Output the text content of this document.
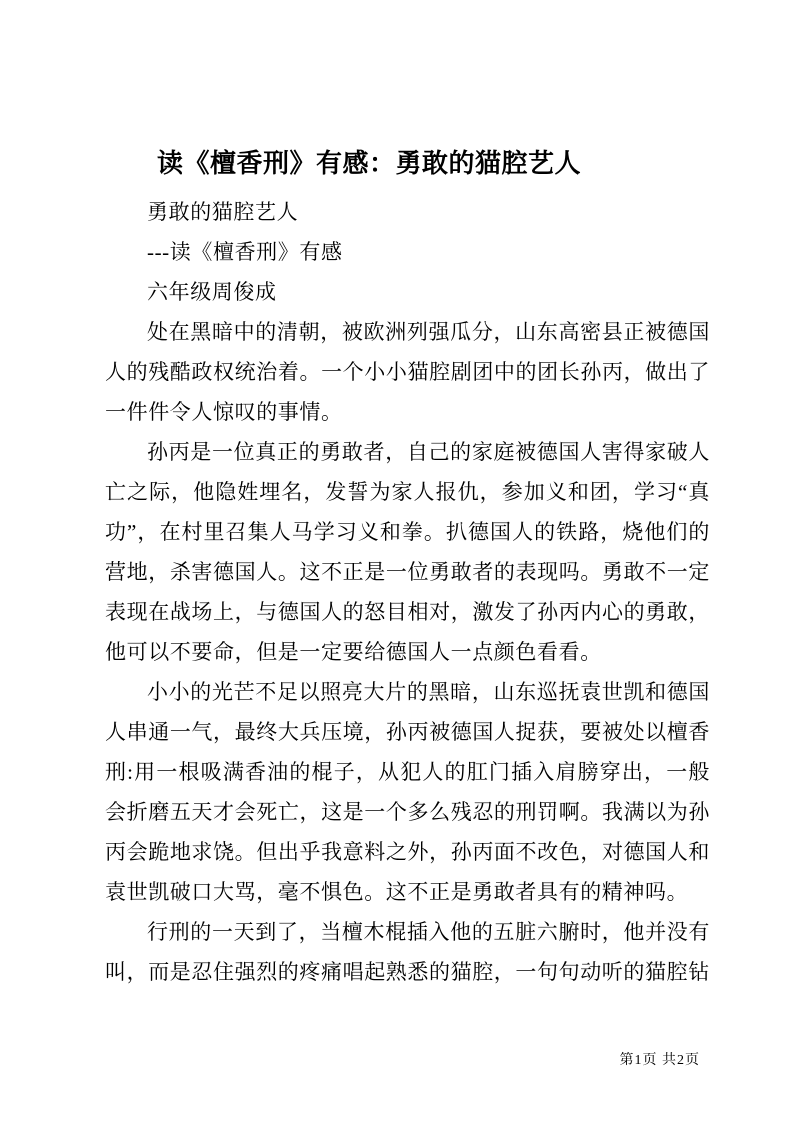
读《檀香刑》有感：勇敢的猫腔艺人

勇敢的猫腔艺人

---读《檀香刑》有感

六年级周俊成

处在黑暗中的清朝，被欧洲列强瓜分，山东高密县正被德国人的残酷政权统治着。一个小小猫腔剧团中的团长孙丙，做出了一件件令人惊叹的事情。

孙丙是一位真正的勇敢者，自己的家庭被德国人害得家破人亡之际，他隐姓埋名，发誓为家人报仇，参加义和团，学习“真功”，在村里召集人马学习义和拳。扒德国人的铁路，烧他们的营地，杀害德国人。这不正是一位勇敢者的表现吗。勇敢不一定表现在战场上，与德国人的怒目相对，激发了孙丙内心的勇敢，他可以不要命，但是一定要给德国人一点颜色看看。

小小的光芒不足以照亮大片的黑暗，山东巡抚袁世凯和德国人串通一气，最终大兵压境，孙丙被德国人捉获，要被处以檀香刑:用一根吸满香油的棍子，从犯人的肛门插入肩膀穿出，一般会折磨五天才会死亡，这是一个多么残忍的刑罚啊。我满以为孙丙会跪地求饶。但出乎我意料之外，孙丙面不改色，对德国人和袁世凯破口大骂，毫不惧色。这不正是勇敢者具有的精神吗。

行刑的一天到了，当檀木棍插入他的五脏六腑时，他并没有叫，而是忍住强烈的疼痛唱起熟悉的猫腔，一句句动听的猫腔钻

第1页 共2页
